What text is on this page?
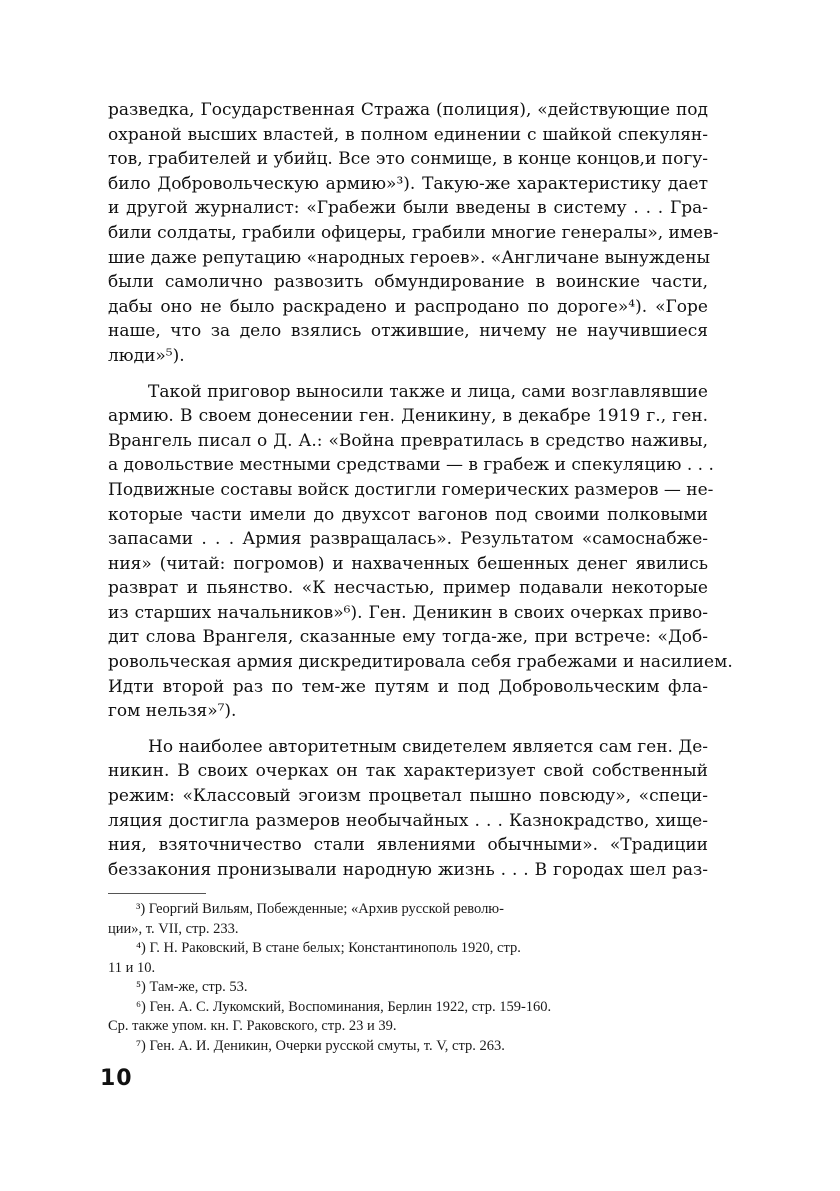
разведка, Государственная Стража (полиция), «действующие под
охраной высших властей, в полном единении с шайкой спекулян-
тов, грабителей и убийц. Все это сонмище, в конце концов,и погу-
било Добровольческую армию»³). Такую-же характеристику дает
и другой журналист: «Грабежи были введены в систему . . . Гра-
били солдаты, грабили офицеры, грабили многие генералы», имев-
шие даже репутацию «народных героев». «Англичане вынуждены
были самолично развозить обмундирование в воинские части,
дабы оно не было раскрадено и распродано по дороге»⁴). «Горе
наше, что за дело взялись отжившие, ничему не научившиеся
люди»⁵).

Такой приговор выносили также и лица, сами возглавлявшие
армию. В своем донесении ген. Деникину, в декабре 1919 г., ген.
Врангель писал о Д. А.: «Война превратилась в средство наживы,
а довольствие местными средствами — в грабеж и спекуляцию . . .
Подвижные составы войск достигли гомерических размеров — не-
которые части имели до двухсот вагонов под своими полковыми
запасами . . . Армия развращалась». Результатом «самоснабже-
ния» (читай: погромов) и нахваченных бешенных денег явились
разврат и пьянство. «К несчастью, пример подавали некоторые
из старших начальников»⁶). Ген. Деникин в своих очерках приво-
дит слова Врангеля, сказанные ему тогда-же, при встрече: «Доб-
ровольческая армия дискредитировала себя грабежами и насилием.
Идти второй раз по тем-же путям и под Добровольческим фла-
гом нельзя»⁷).

Но наиболее авторитетным свидетелем является сам ген. Де-
никин. В своих очерках он так характеризует свой собственный
режим: «Классовый эгоизм процветал пышно повсюду», «специ-
ляция достигла размеров необычайных . . . Казнокрадство, хище-
ния, взяточничество стали явлениями обычными». «Традиции
беззакония пронизывали народную жизнь . . . В городах шел раз-

³) Георгий Вильям, Побежденные; «Архив русской револю-
ции», т. VII, стр. 233.
⁴) Г. Н. Раковский, В стане белых; Константинополь 1920, стр.
11 и 10.
⁵) Там-же, стр. 53.
⁶) Ген. А. С. Лукомский, Воспоминания, Берлин 1922, стр. 159-160.
Ср. также упом. кн. Г. Раковского, стр. 23 и 39.
⁷) Ген. А. И. Деникин, Очерки русской смуты, т. V, стр. 263.
10
